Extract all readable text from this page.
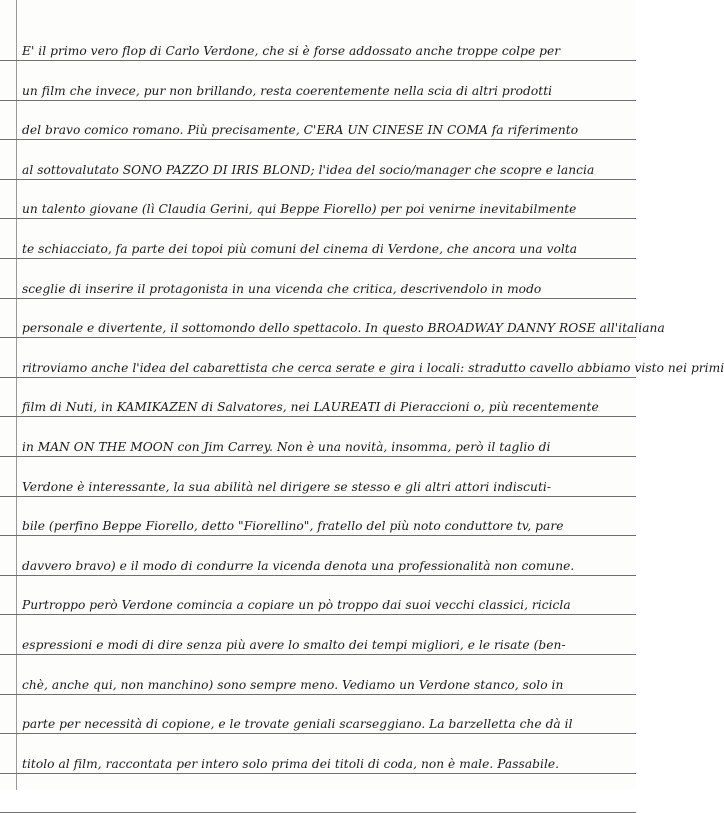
E' il primo vero flop di Carlo Verdone, che si è forse addossato anche troppe colpe per
un film che invece, pur non brillando, resta coerentemente nella scia di altri prodotti
del bravo comico romano. Più precisamente, C'ERA UN CINESE IN COMA fa riferimento
al sottovalutato SONO PAZZO DI IRIS BLOND; l'idea del socio/manager che scopre e lancia
un talento giovane (lì Claudia Gerini, qui Beppe Fiorello) per poi venirne inevitabilmente
te schiacciato, fa parte dei topoi più comuni del cinema di Verdone, che ancora una volta
sceglie di inserire il protagonista in una vicenda che critica, descrivendolo in modo
personale e divertente, il sottomondo dello spettacolo. In questo BROADWAY DANNY ROSE all'italiana
ritroviamo anche l'idea del cabarettista che cerca serate e gira i locali: stradutto cavello abbiamo visto nei primi
film di Nuti, in KAMIKAZEN di Salvatores, nei LAUREATI di Pieraccioni o, più recentemente
in MAN ON THE MOON con Jim Carrey. Non è una novità, insomma, però il taglio di
Verdone è interessante, la sua abilità nel dirigere se stesso e gli altri attori indiscuti-
bile (perfino Beppe Fiorello, detto "Fiorellino", fratello del più noto conduttore tv, pare
davvero bravo) e il modo di condurre la vicenda denota una professionalità non comune.
Purtroppo però Verdone comincia a copiare un pò troppo dai suoi vecchi classici, ricicla
espressioni e modi di dire senza più avere lo smalto dei tempi migliori, e le risate (ben-
chè, anche qui, non manchino) sono sempre meno. Vediamo un Verdone stanco, solo in
parte per necessità di copione, e le trovate geniali scarseggiano. La barzelletta che dà il
titolo al film, raccontata per intero solo prima dei titoli di coda, non è male. Passabile.
